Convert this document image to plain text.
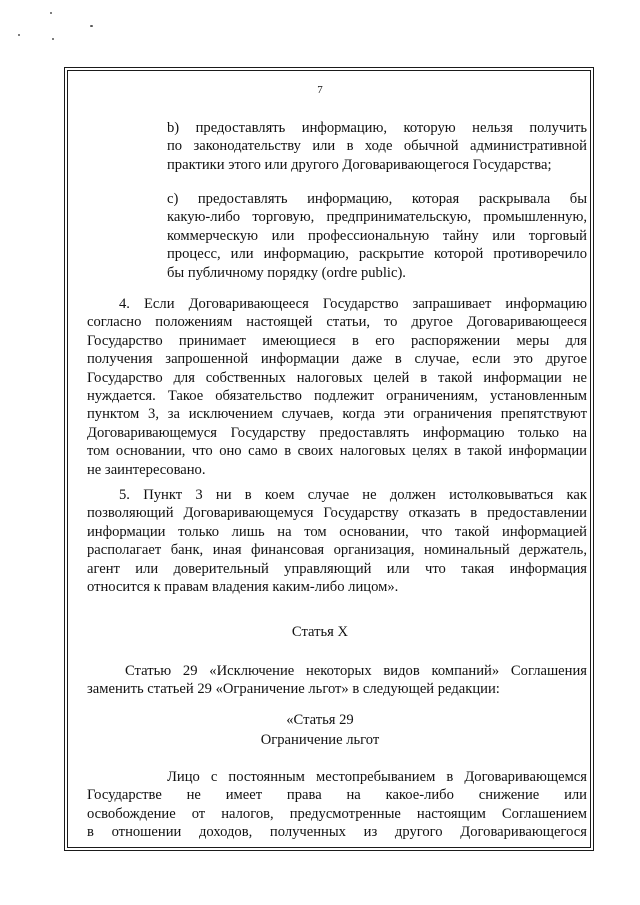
7
b) предоставлять информацию, которую нельзя получить
по законодательству или в ходе обычной административной
практики этого или другого Договаривающегося Государства;
c) предоставлять информацию, которая раскрывала бы
какую-либо торговую, предпринимательскую, промышленную,
коммерческую или профессиональную тайну или торговый
процесс, или информацию, раскрытие которой противоречило
бы публичному порядку (ordre public).
4. Если Договаривающееся Государство запрашивает информацию
согласно положениям настоящей статьи, то другое Договаривающееся
Государство принимает имеющиеся в его распоряжении меры для
получения запрошенной информации даже в случае, если это другое
Государство для собственных налоговых целей в такой информации не
нуждается. Такое обязательство подлежит ограничениям, установленным
пунктом 3, за исключением случаев, когда эти ограничения препятствуют
Договаривающемуся Государству предоставлять информацию только на
том основании, что оно само в своих налоговых целях в такой информации
не заинтересовано.
5. Пункт 3 ни в коем случае не должен истолковываться как
позволяющий Договаривающемуся Государству отказать в предоставлении
информации только лишь на том основании, что такой информацией
располагает банк, иная финансовая организация, номинальный держатель,
агент или доверительный управляющий или что такая информация
относится к правам владения каким-либо лицом».
Статья X
Статью 29 «Исключение некоторых видов компаний» Соглашения
заменить статьей 29 «Ограничение льгот» в следующей редакции:
«Статья 29
Ограничение льгот
Лицо с постоянным местопребыванием в Договаривающемся
Государстве не имеет права на какое-либо снижение или
освобождение от налогов, предусмотренные настоящим Соглашением
в отношении доходов, полученных из другого Договаривающегося
